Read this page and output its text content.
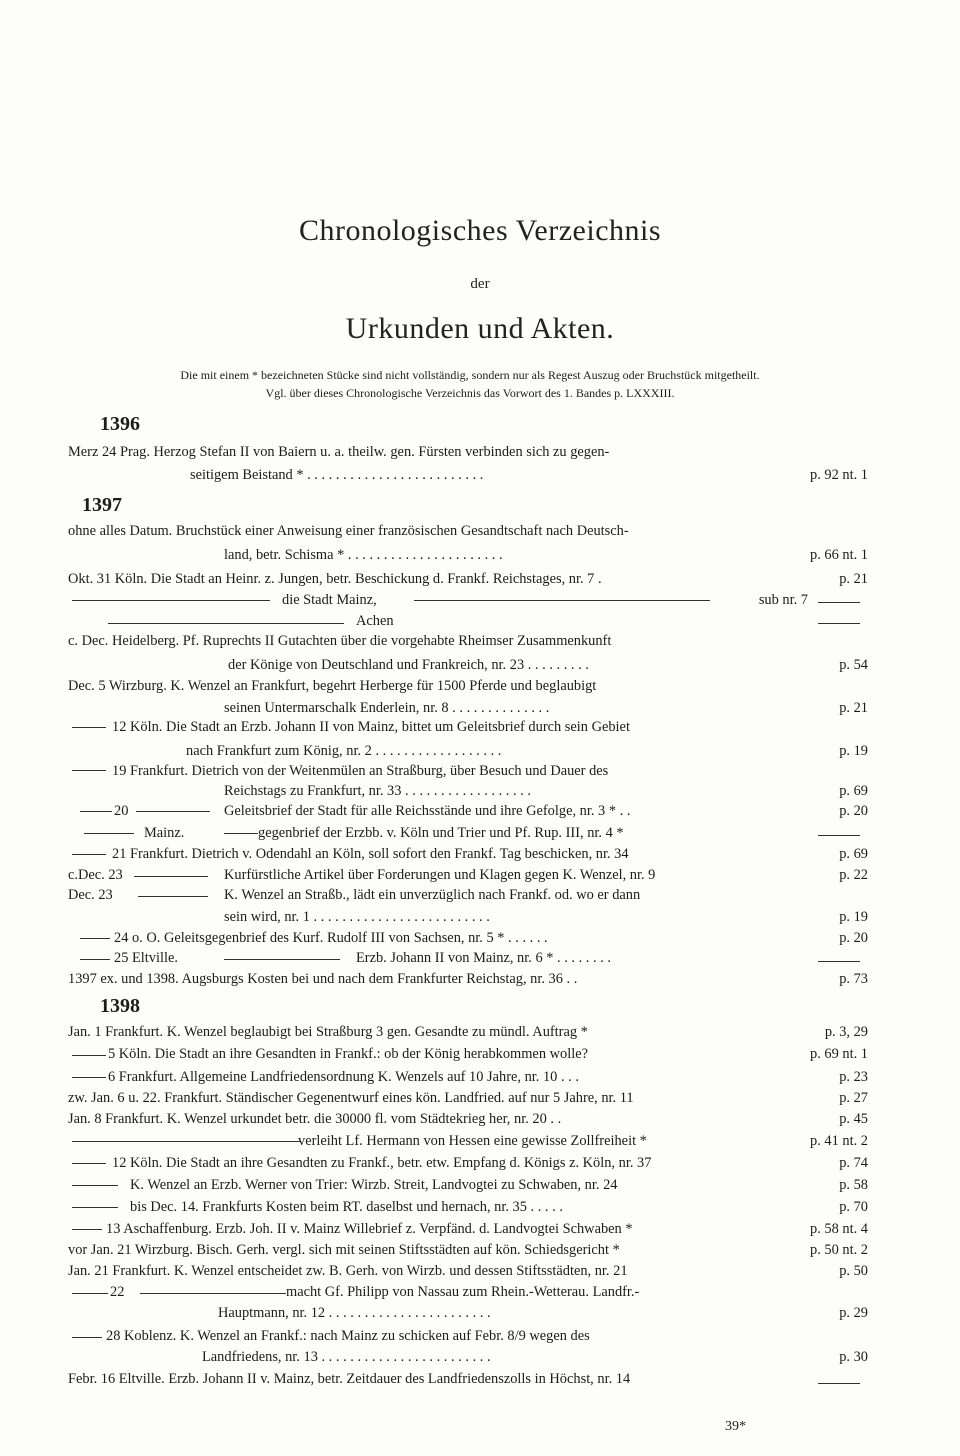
Chronologisches Verzeichnis
der
Urkunden und Akten.
Die mit einem * bezeichneten Stücke sind nicht vollständig, sondern nur als Regest Auszug oder Bruchstück mitgetheilt.
Vgl. über dieses Chronologische Verzeichnis das Vorwort des 1. Bandes p. LXXXIII.
1396
1397
1398
Merz 24 Prag. Herzog Stefan II von Baiern u. a. theilw. gen. Fürsten verbinden sich zu gegen-
seitigem Beistand * . . . . . . . . . . . . . . . . . . . . . . . . .	p. 92 nt. 1
ohne alles Datum. Bruchstück einer Anweisung einer französischen Gesandtschaft nach Deutsch-
land, betr. Schisma * . . . . . . . . . . . . . . . . . . . . . .	p. 66 nt. 1
Okt. 31 Köln. Die Stadt an Heinr. z. Jungen, betr. Beschickung d. Frankf. Reichstages, nr. 7 .	p. 21
die Stadt Mainz,	sub nr. 7
Achen
c. Dec. Heidelberg. Pf. Ruprechts II Gutachten über die vorgehabte Rheimser Zusammenkunft
der Könige von Deutschland und Frankreich, nr. 23 . . . . . . . . .	p. 54
Dec. 5 Wirzburg. K. Wenzel an Frankfurt, begehrt Herberge für 1500 Pferde und beglaubigt
seinen Untermarschalk Enderlein, nr. 8 . . . . . . . . . . . . . .	p. 21
12 Köln. Die Stadt an Erzb. Johann II von Mainz, bittet um Geleitsbrief durch sein Gebiet
nach Frankfurt zum König, nr. 2 . . . . . . . . . . . . . . . . . .	p. 19
19 Frankfurt. Dietrich von der Weitenmülen an Straßburg, über Besuch und Dauer des
Reichstags zu Frankfurt, nr. 33 . . . . . . . . . . . . . . . . . .	p. 69
20	Geleitsbrief der Stadt für alle Reichsstände und ihre Gefolge, nr. 3 * . .	p. 20
Mainz.	gegenbrief der Erzbb. v. Köln und Trier und Pf. Rup. III, nr. 4 *
21 Frankfurt. Dietrich v. Odendahl an Köln, soll sofort den Frankf. Tag beschicken, nr. 34	p. 69
c.Dec. 23	Kurfürstliche Artikel über Forderungen und Klagen gegen K. Wenzel, nr. 9	p. 22
Dec. 23	K. Wenzel an Straßb., lädt ein unverzüglich nach Frankf. od. wo er dann
sein wird, nr. 1 . . . . . . . . . . . . . . . . . . . . . . . . .	p. 19
24 o. O. Geleitsgegenbrief des Kurf. Rudolf III von Sachsen, nr. 5 * . . . . . .	p. 20
25 Eltville.	Erzb. Johann II von Mainz, nr. 6 * . . . . . . . .
1397 ex. und 1398. Augsburgs Kosten bei und nach dem Frankfurter Reichstag, nr. 36 . .	p. 73
Jan. 1 Frankfurt. K. Wenzel beglaubigt bei Straßburg 3 gen. Gesandte zu mündl. Auftrag *	p. 3, 29
5 Köln. Die Stadt an ihre Gesandten in Frankf.: ob der König herabkommen wolle?	p. 69 nt. 1
6 Frankfurt. Allgemeine Landfriedensordnung K. Wenzels auf 10 Jahre, nr. 10 . . .	p. 23
zw. Jan. 6 u. 22. Frankfurt. Ständischer Gegenentwurf eines kön. Landfried. auf nur 5 Jahre, nr. 11	p. 27
Jan. 8 Frankfurt. K. Wenzel urkundet betr. die 30000 fl. vom Städtekrieg her, nr. 20 . .	p. 45
verleiht Lf. Hermann von Hessen eine gewisse Zollfreiheit *	p. 41 nt. 2
12 Köln. Die Stadt an ihre Gesandten zu Frankf., betr. etw. Empfang d. Königs z. Köln, nr. 37	p. 74
K. Wenzel an Erzb. Werner von Trier: Wirzb. Streit, Landvogtei zu Schwaben, nr. 24	p. 58
bis Dec. 14. Frankfurts Kosten beim RT. daselbst und hernach, nr. 35 . . . . .	p. 70
13 Aschaffenburg. Erzb. Joh. II v. Mainz Willebrief z. Verpfänd. d. Landvogtei Schwaben *	p. 58 nt. 4
vor Jan. 21 Wirzburg. Bisch. Gerh. vergl. sich mit seinen Stiftsstädten auf kön. Schiedsgericht *	p. 50 nt. 2
Jan. 21 Frankfurt. K. Wenzel entscheidet zw. B. Gerh. von Wirzb. und dessen Stiftsstädten, nr. 21	p. 50
22	macht Gf. Philipp von Nassau zum Rhein.-Wetterau. Landfr.-
Hauptmann, nr. 12 . . . . . . . . . . . . . . . . . . . . . . .	p. 29
28 Koblenz. K. Wenzel an Frankf.: nach Mainz zu schicken auf Febr. 8/9 wegen des
Landfriedens, nr. 13 . . . . . . . . . . . . . . . . . . . . . . . .	p. 30
Febr. 16 Eltville. Erzb. Johann II v. Mainz, betr. Zeitdauer des Landfriedenszolls in Höchst, nr. 14
39*
